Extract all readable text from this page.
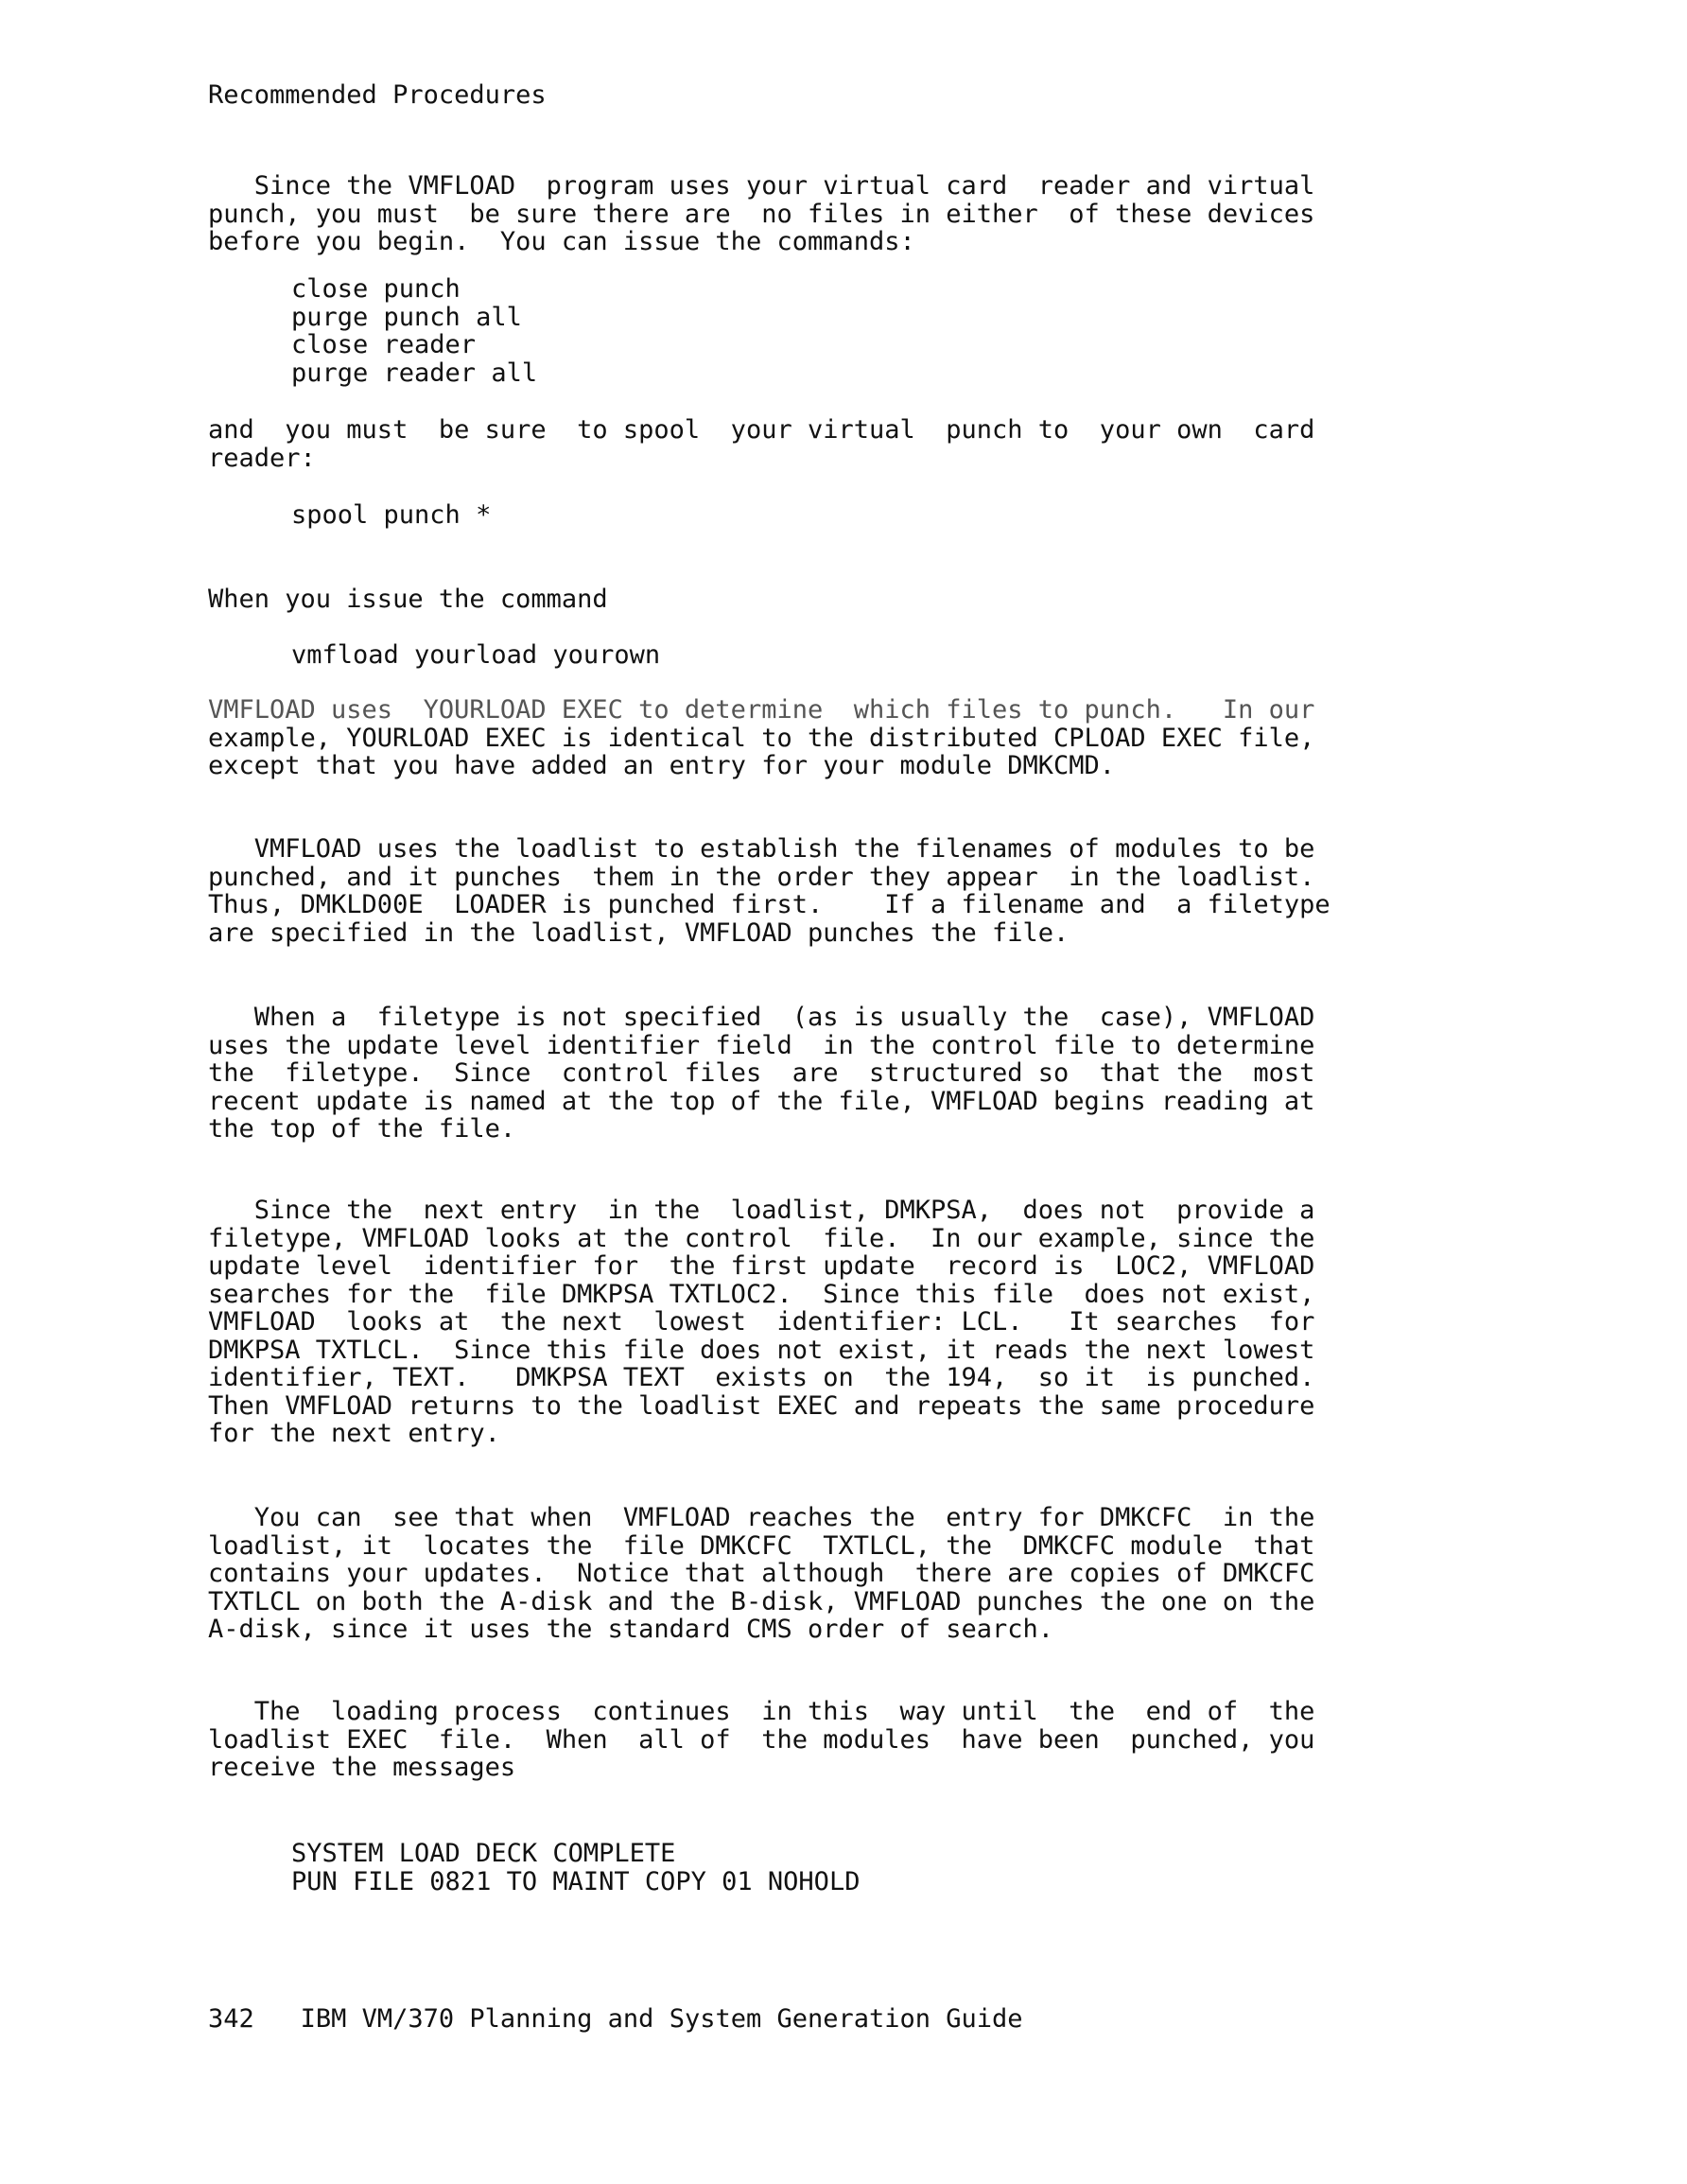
Recommended Procedures
Since the VMFLOAD  program uses your virtual card  reader and virtual
punch, you must  be sure there are  no files in either  of these devices
before you begin.  You can issue the commands:
close punch
purge punch all
close reader
purge reader all
and  you must  be sure  to spool  your virtual  punch to  your own  card
reader:
spool punch *
When you issue the command
vmfload yourload yourown
VMFLOAD uses  YOURLOAD EXEC to determine  which files to punch.   In our
example, YOURLOAD EXEC is identical to the distributed CPLOAD EXEC file,
except that you have added an entry for your module DMKCMD.
VMFLOAD uses the loadlist to establish the filenames of modules to be
punched, and it punches  them in the order they appear  in the loadlist.
Thus, DMKLD00E  LOADER is punched first.    If a filename and  a filetype
are specified in the loadlist, VMFLOAD punches the file.
When a  filetype is not specified  (as is usually the  case), VMFLOAD
uses the update level identifier field  in the control file to determine
the  filetype.  Since  control files  are  structured so  that the  most
recent update is named at the top of the file, VMFLOAD begins reading at
the top of the file.
Since the  next entry  in the  loadlist, DMKPSA,  does not  provide a
filetype, VMFLOAD looks at the control  file.  In our example, since the
update level  identifier for  the first update  record is  LOC2, VMFLOAD
searches for the  file DMKPSA TXTLOC2.  Since this file  does not exist,
VMFLOAD  looks at  the next  lowest  identifier: LCL.   It searches  for
DMKPSA TXTLCL.  Since this file does not exist, it reads the next lowest
identifier, TEXT.   DMKPSA TEXT  exists on  the 194,  so it  is punched.
Then VMFLOAD returns to the loadlist EXEC and repeats the same procedure
for the next entry.
You can  see that when  VMFLOAD reaches the  entry for DMKCFC  in the
loadlist, it  locates the  file DMKCFC  TXTLCL, the  DMKCFC module  that
contains your updates.  Notice that although  there are copies of DMKCFC
TXTLCL on both the A-disk and the B-disk, VMFLOAD punches the one on the
A-disk, since it uses the standard CMS order of search.
The  loading process  continues  in this  way until  the  end of  the
loadlist EXEC  file.  When  all of  the modules  have been  punched, you
receive the messages
SYSTEM LOAD DECK COMPLETE
PUN FILE 0821 TO MAINT COPY 01 NOHOLD
342 IBM VM/370 Planning and System Generation Guide
